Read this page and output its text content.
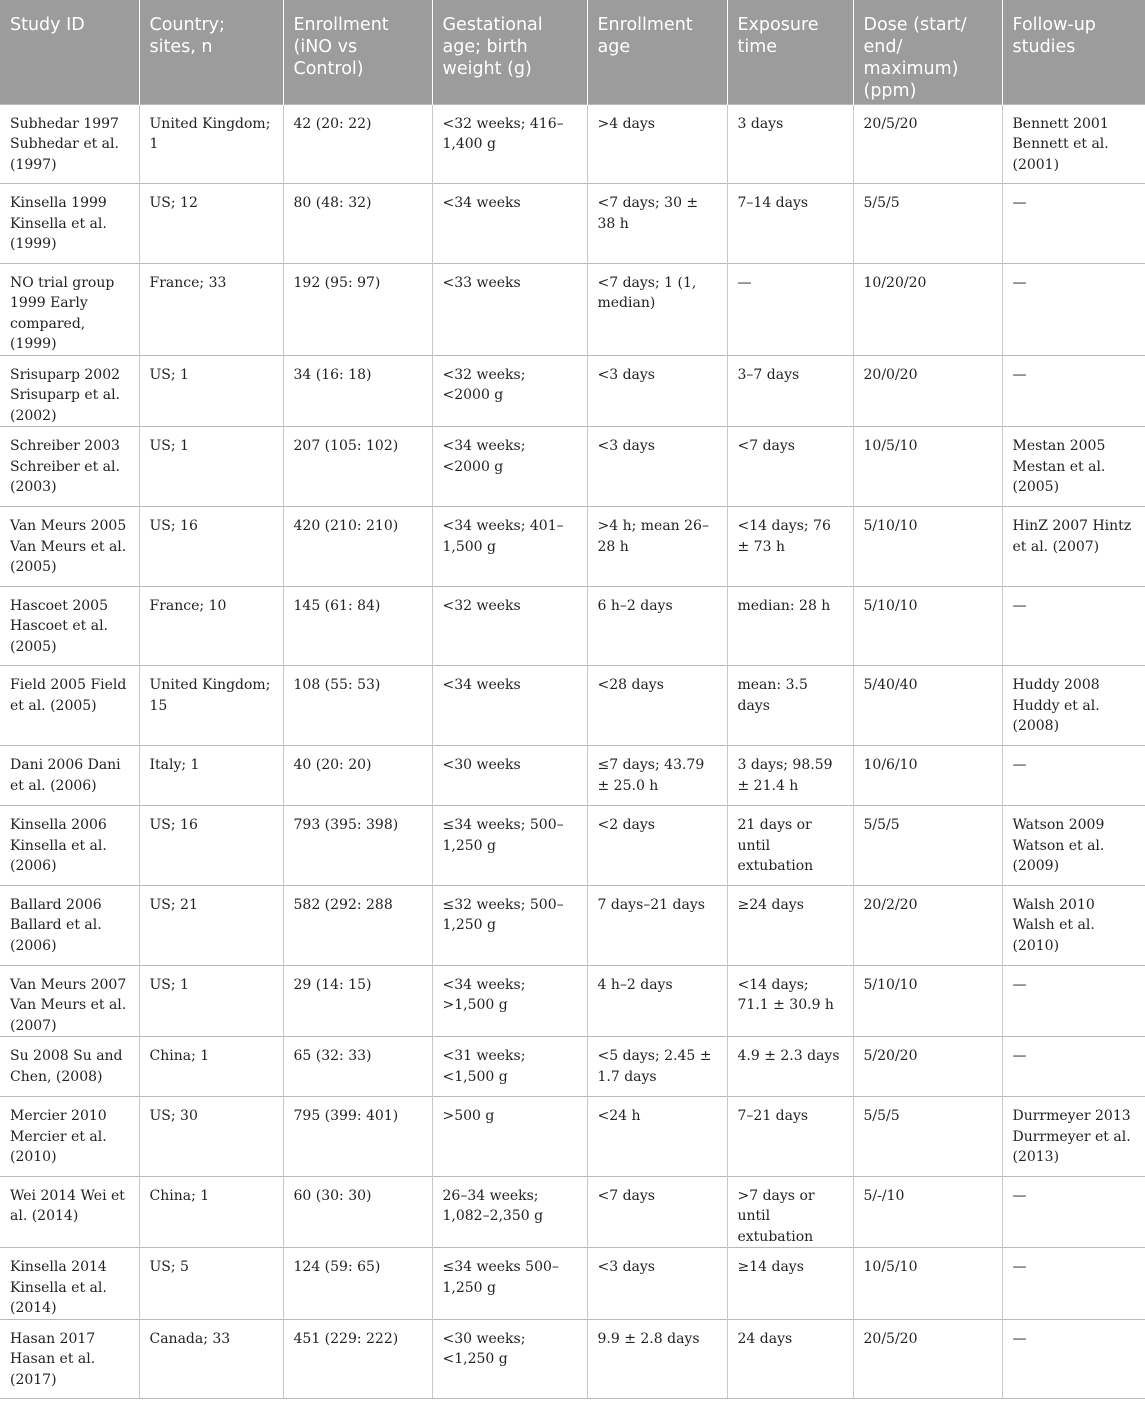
Study ID	Country; sites, n	Enrollment (iNO vs Control)	Gestational age; birth weight (g)	Enrollment age	Exposure time	Dose (start/ end/ maximum) (ppm)	Follow-up studies
Subhedar 1997 Subhedar et al. (1997)	United Kingdom; 1	42 (20: 22)	<32 weeks; 416–1,400 g	>4 days	3 days	20/5/20	Bennett 2001 Bennett et al. (2001)
Kinsella 1999 Kinsella et al. (1999)	US; 12	80 (48: 32)	<34 weeks	<7 days; 30 ± 38 h	7–14 days	5/5/5	—
NO trial group 1999 Early compared, (1999)	France; 33	192 (95: 97)	<33 weeks	<7 days; 1 (1, median)	—	10/20/20	—
Srisuparp 2002 Srisuparp et al. (2002)	US; 1	34 (16: 18)	<32 weeks; <2000 g	<3 days	3–7 days	20/0/20	—
Schreiber 2003 Schreiber et al. (2003)	US; 1	207 (105: 102)	<34 weeks; <2000 g	<3 days	<7 days	10/5/10	Mestan 2005 Mestan et al. (2005)
Van Meurs 2005 Van Meurs et al. (2005)	US; 16	420 (210: 210)	<34 weeks; 401–1,500 g	>4 h; mean 26–28 h	<14 days; 76 ± 73 h	5/10/10	HinZ 2007 Hintz et al. (2007)
Hascoet 2005 Hascoet et al. (2005)	France; 10	145 (61: 84)	<32 weeks	6 h–2 days	median: 28 h	5/10/10	—
Field 2005 Field et al. (2005)	United Kingdom; 15	108 (55: 53)	<34 weeks	<28 days	mean: 3.5 days	5/40/40	Huddy 2008 Huddy et al. (2008)
Dani 2006 Dani et al. (2006)	Italy; 1	40 (20: 20)	<30 weeks	≤7 days; 43.79 ± 25.0 h	3 days; 98.59 ± 21.4 h	10/6/10	—
Kinsella 2006 Kinsella et al. (2006)	US; 16	793 (395: 398)	≤34 weeks; 500–1,250 g	<2 days	21 days or until extubation	5/5/5	Watson 2009 Watson et al. (2009)
Ballard 2006 Ballard et al. (2006)	US; 21	582 (292: 288	≤32 weeks; 500–1,250 g	7 days–21 days	≥24 days	20/2/20	Walsh 2010 Walsh et al. (2010)
Van Meurs 2007 Van Meurs et al. (2007)	US; 1	29 (14: 15)	<34 weeks; >1,500 g	4 h–2 days	<14 days; 71.1 ± 30.9 h	5/10/10	—
Su 2008 Su and Chen, (2008)	China; 1	65 (32: 33)	<31 weeks; <1,500 g	<5 days; 2.45 ± 1.7 days	4.9 ± 2.3 days	5/20/20	—
Mercier 2010 Mercier et al. (2010)	US; 30	795 (399: 401)	>500 g	<24 h	7–21 days	5/5/5	Durrmeyer 2013 Durrmeyer et al. (2013)
Wei 2014 Wei et al. (2014)	China; 1	60 (30: 30)	26–34 weeks; 1,082–2,350 g	<7 days	>7 days or until extubation	5/-/10	—
Kinsella 2014 Kinsella et al. (2014)	US; 5	124 (59: 65)	≤34 weeks 500–1,250 g	<3 days	≥14 days	10/5/10	—
Hasan 2017 Hasan et al. (2017)	Canada; 33	451 (229: 222)	<30 weeks; <1,250 g	9.9 ± 2.8 days	24 days	20/5/20	—
